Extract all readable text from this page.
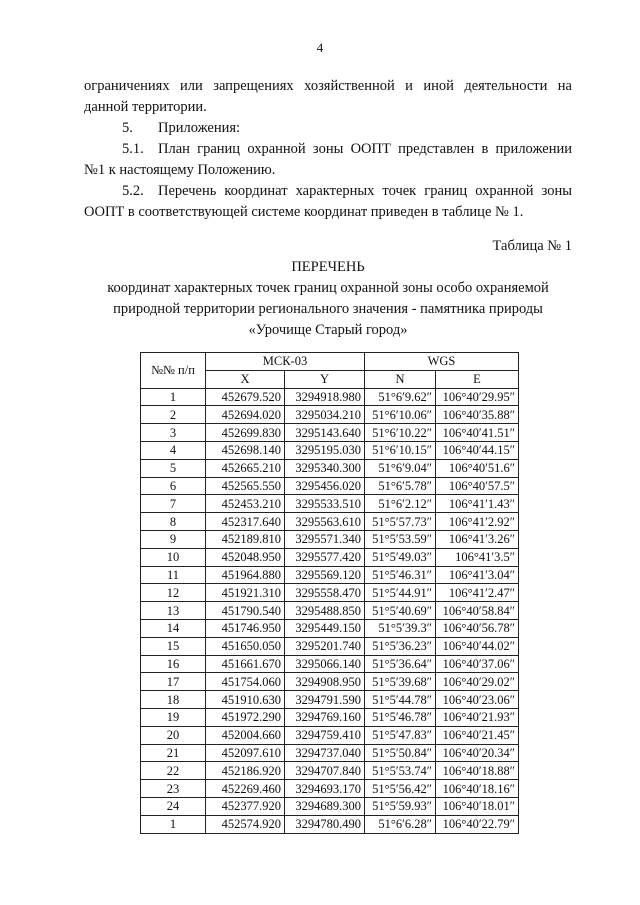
4

ограничениях или запрещениях хозяйственной и иной деятельности на

данной территории.

5. Приложения:

5.1. План границ охранной зоны ООПТ представлен в приложении

№1 к настоящему Положению.

5.2. Перечень координат характерных точек границ охранной зоны

ООПТ в соответствующей системе координат приведен в таблице № 1.

Таблица № 1

ПЕРЕЧЕНЬ

координат характерных точек границ охранной зоны особо охраняемой

природной территории регионального значения - памятника природы

«Урочище Старый город»

№№ п/п	МСК-03		WGS	
	X	Y	N	E
1	452679.520	3294918.980	51°6′9.62″	106°40′29.95″
2	452694.020	3295034.210	51°6′10.06″	106°40′35.88″
3	452699.830	3295143.640	51°6′10.22″	106°40′41.51″
4	452698.140	3295195.030	51°6′10.15″	106°40′44.15″
5	452665.210	3295340.300	51°6′9.04″	106°40′51.6″
6	452565.550	3295456.020	51°6′5.78″	106°40′57.5″
7	452453.210	3295533.510	51°6′2.12″	106°41′1.43″
8	452317.640	3295563.610	51°5′57.73″	106°41′2.92″
9	452189.810	3295571.340	51°5′53.59″	106°41′3.26″
10	452048.950	3295577.420	51°5′49.03″	106°41′3.5″
11	451964.880	3295569.120	51°5′46.31″	106°41′3.04″
12	451921.310	3295558.470	51°5′44.91″	106°41′2.47″
13	451790.540	3295488.850	51°5′40.69″	106°40′58.84″
14	451746.950	3295449.150	51°5′39.3″	106°40′56.78″
15	451650.050	3295201.740	51°5′36.23″	106°40′44.02″
16	451661.670	3295066.140	51°5′36.64″	106°40′37.06″
17	451754.060	3294908.950	51°5′39.68″	106°40′29.02″
18	451910.630	3294791.590	51°5′44.78″	106°40′23.06″
19	451972.290	3294769.160	51°5′46.78″	106°40′21.93″
20	452004.660	3294759.410	51°5′47.83″	106°40′21.45″
21	452097.610	3294737.040	51°5′50.84″	106°40′20.34″
22	452186.920	3294707.840	51°5′53.74″	106°40′18.88″
23	452269.460	3294693.170	51°5′56.42″	106°40′18.16″
24	452377.920	3294689.300	51°5′59.93″	106°40′18.01″
1	452574.920	3294780.490	51°6′6.28″	106°40′22.79″
